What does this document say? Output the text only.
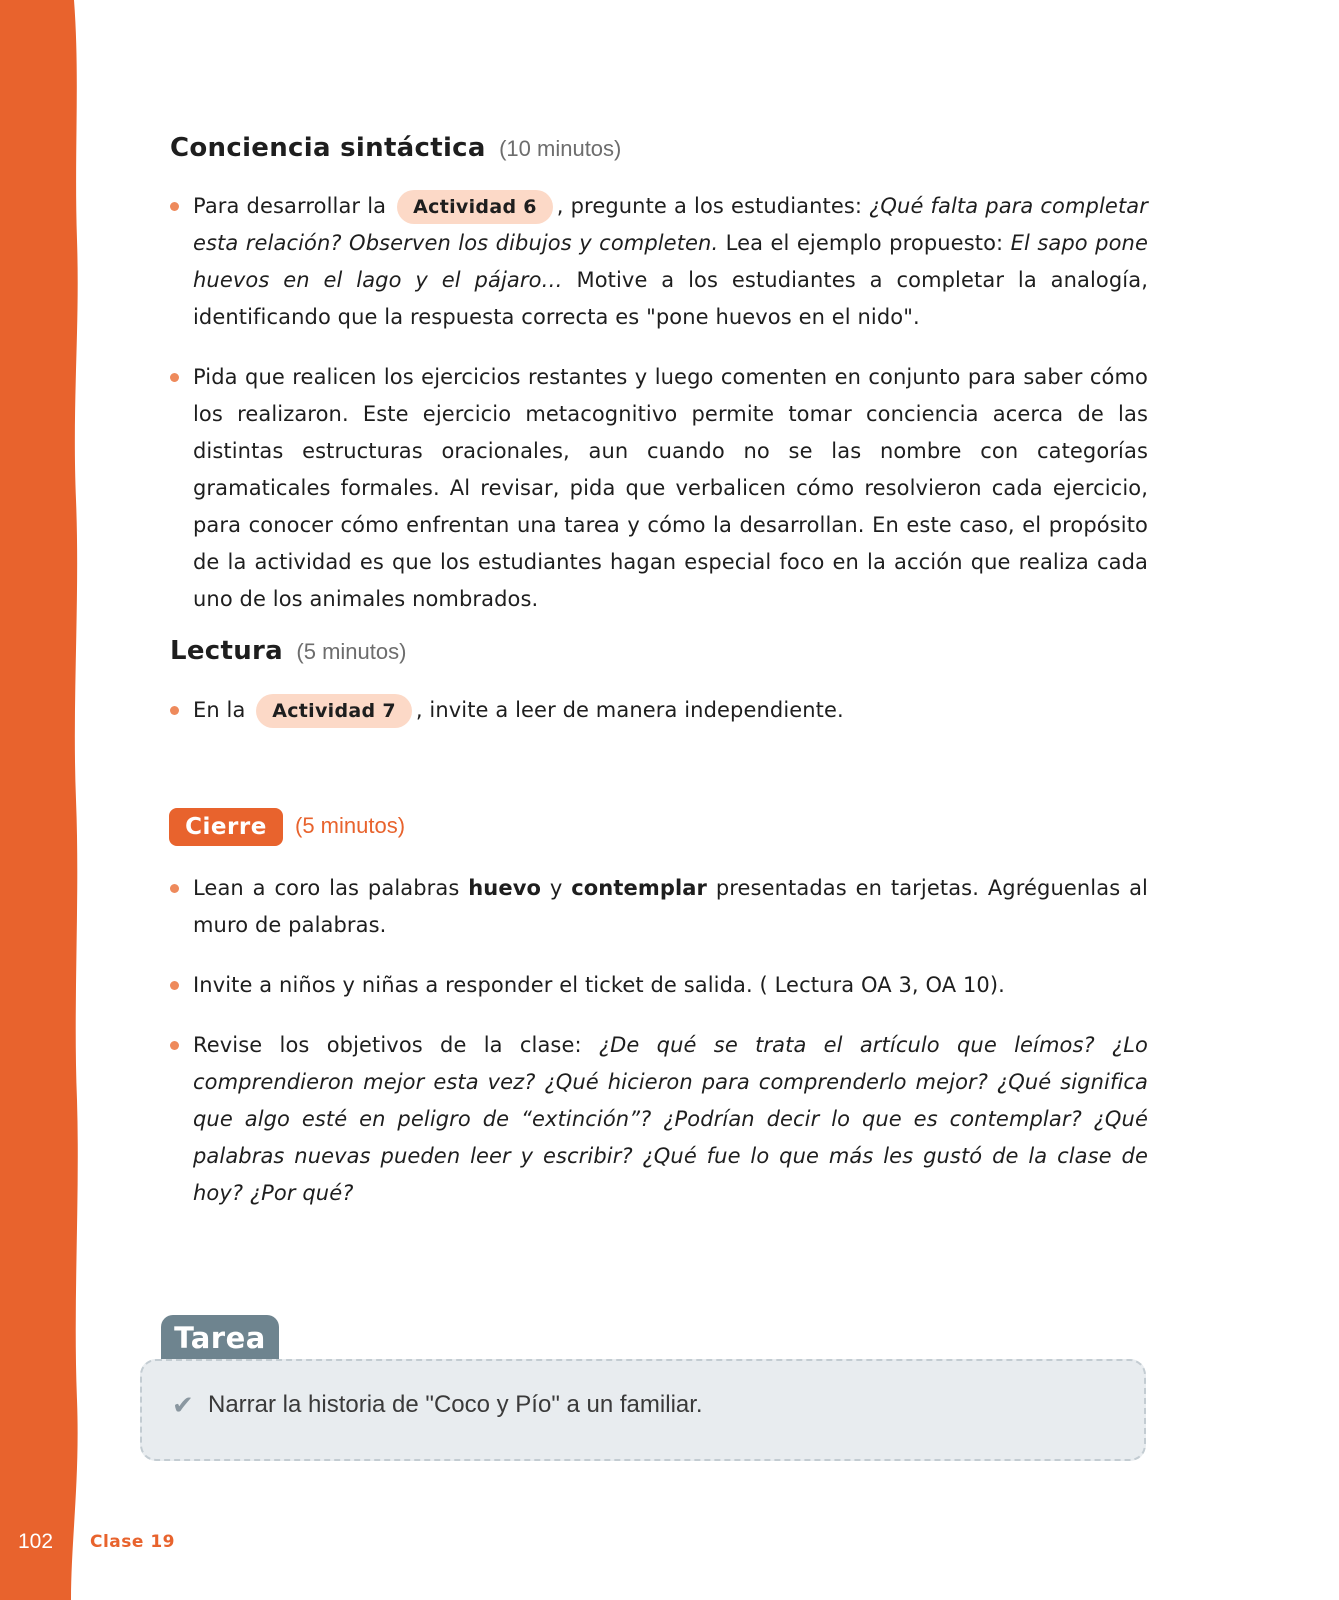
Conciencia sintáctica (10 minutos)
Para desarrollar la Actividad 6 , pregunte a los estudiantes: ¿Qué falta para completar esta relación? Observen los dibujos y completen. Lea el ejemplo propuesto: El sapo pone huevos en el lago y el pájaro… Motive a los estudiantes a completar la analogía, identificando que la respuesta correcta es "pone huevos en el nido".
Pida que realicen los ejercicios restantes y luego comenten en conjunto para saber cómo los realizaron. Este ejercicio metacognitivo permite tomar conciencia acerca de las distintas estructuras oracionales, aun cuando no se las nombre con categorías gramaticales formales. Al revisar, pida que verbalicen cómo resolvieron cada ejercicio, para conocer cómo enfrentan una tarea y cómo la desarrollan. En este caso, el propósito de la actividad es que los estudiantes hagan especial foco en la acción que realiza cada uno de los animales nombrados.
Lectura (5 minutos)
En la Actividad 7 , invite a leer de manera independiente.
Cierre	(5 minutos)
Lean a coro las palabras huevo y contemplar presentadas en tarjetas. Agréguenlas al muro de palabras.
Invite a niños y niñas a responder el ticket de salida. ( Lectura OA 3, OA 10).
Revise los objetivos de la clase: ¿De qué se trata el artículo que leímos? ¿Lo comprendieron mejor esta vez? ¿Qué hicieron para comprenderlo mejor? ¿Qué significa que algo esté en peligro de “extinción”? ¿Podrían decir lo que es contemplar? ¿Qué palabras nuevas pueden leer y escribir? ¿Qué fue lo que más les gustó de la clase de hoy? ¿Por qué?
Tarea
✔ Narrar la historia de "Coco y Pío" a un familiar.
102 Clase 19
